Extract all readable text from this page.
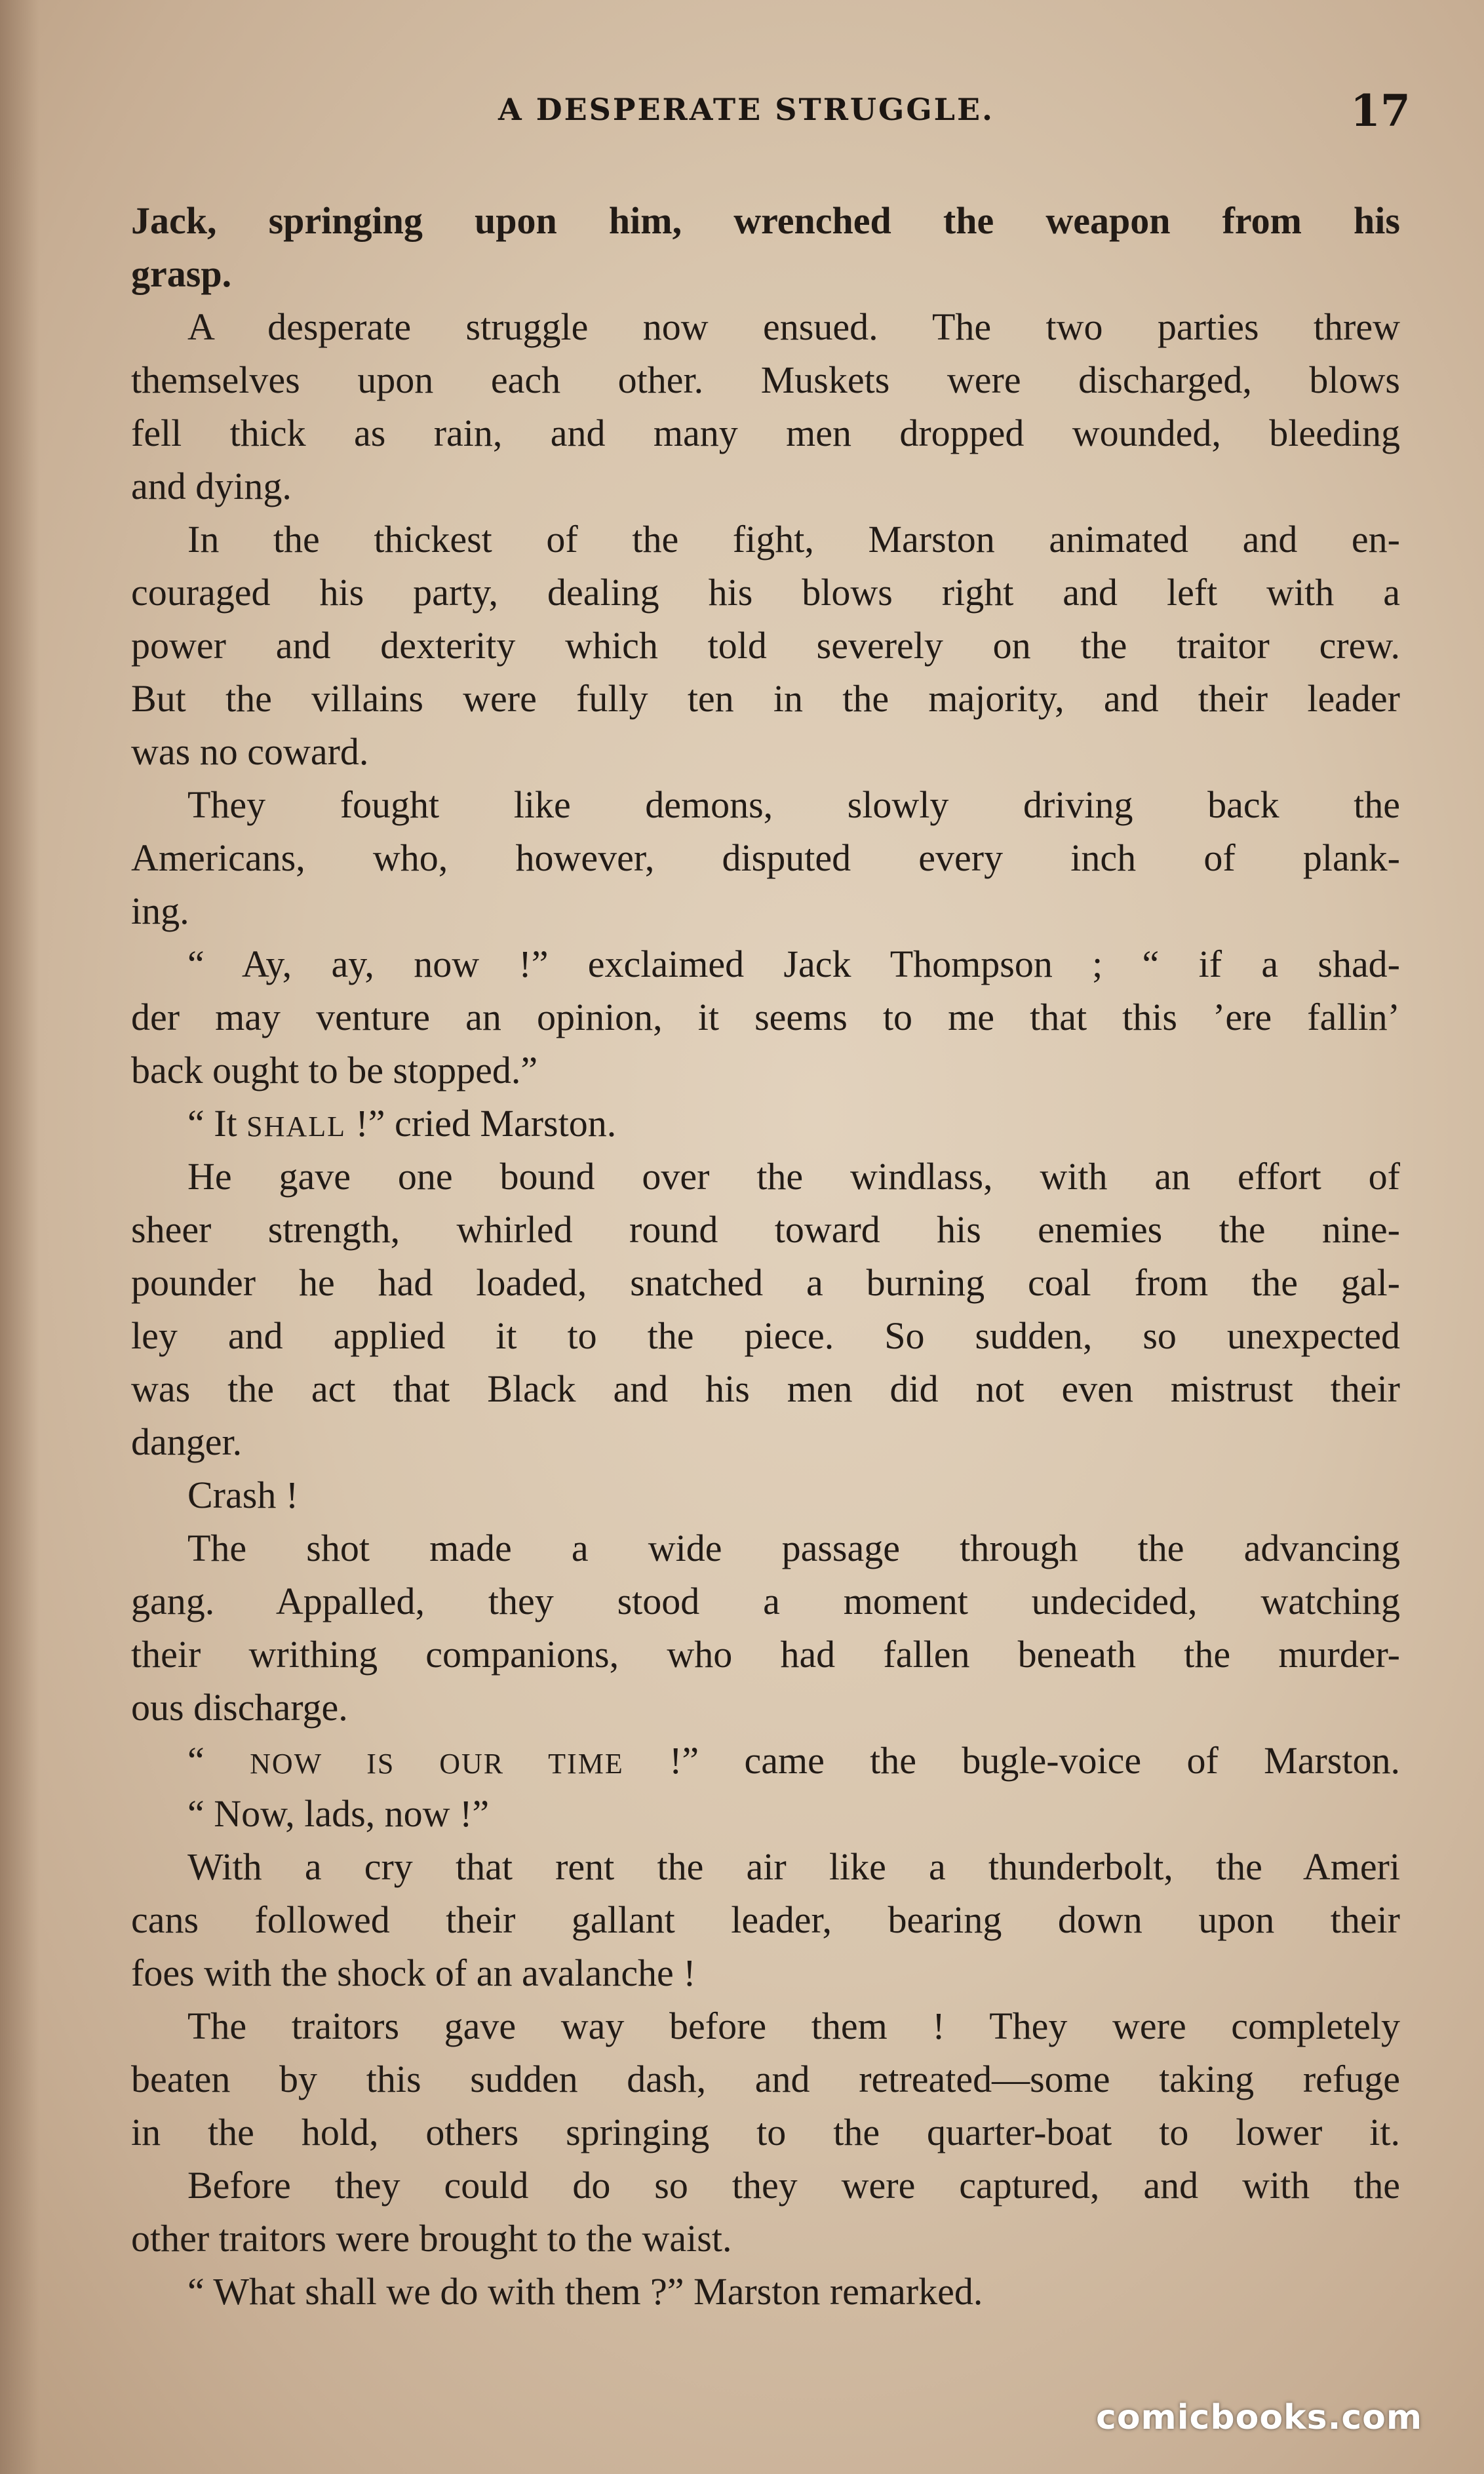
A DESPERATE STRUGGLE.	17
Jack, springing upon him, wrenched the weapon from his
grasp.
A desperate struggle now ensued. The two parties threw
themselves upon each other. Muskets were discharged, blows
fell thick as rain, and many men dropped wounded, bleeding
and dying.
In the thickest of the fight, Marston animated and en-
couraged his party, dealing his blows right and left with a
power and dexterity which told severely on the traitor crew.
But the villains were fully ten in the majority, and their leader
was no coward.
They fought like demons, slowly driving back the
Americans, who, however, disputed every inch of plank-
ing.
“ Ay, ay, now !” exclaimed Jack Thompson ; “ if a shad-
der may venture an opinion, it seems to me that this ’ere fallin’
back ought to be stopped.”
“ It SHALL !” cried Marston.
He gave one bound over the windlass, with an effort of
sheer strength, whirled round toward his enemies the nine-
pounder he had loaded, snatched a burning coal from the gal-
ley and applied it to the piece. So sudden, so unexpected
was the act that Black and his men did not even mistrust their
danger.
Crash !
The shot made a wide passage through the advancing
gang. Appalled, they stood a moment undecided, watching
their writhing companions, who had fallen beneath the murder-
ous discharge.
“ NOW IS OUR TIME !” came the bugle-voice of Marston.
“ Now, lads, now !”
With a cry that rent the air like a thunderbolt, the Ameri
cans followed their gallant leader, bearing down upon their
foes with the shock of an avalanche !
The traitors gave way before them ! They were completely
beaten by this sudden dash, and retreated—some taking refuge
in the hold, others springing to the quarter-boat to lower it.
Before they could do so they were captured, and with the
other traitors were brought to the waist.
“ What shall we do with them ?” Marston remarked.
comicbooks.com
